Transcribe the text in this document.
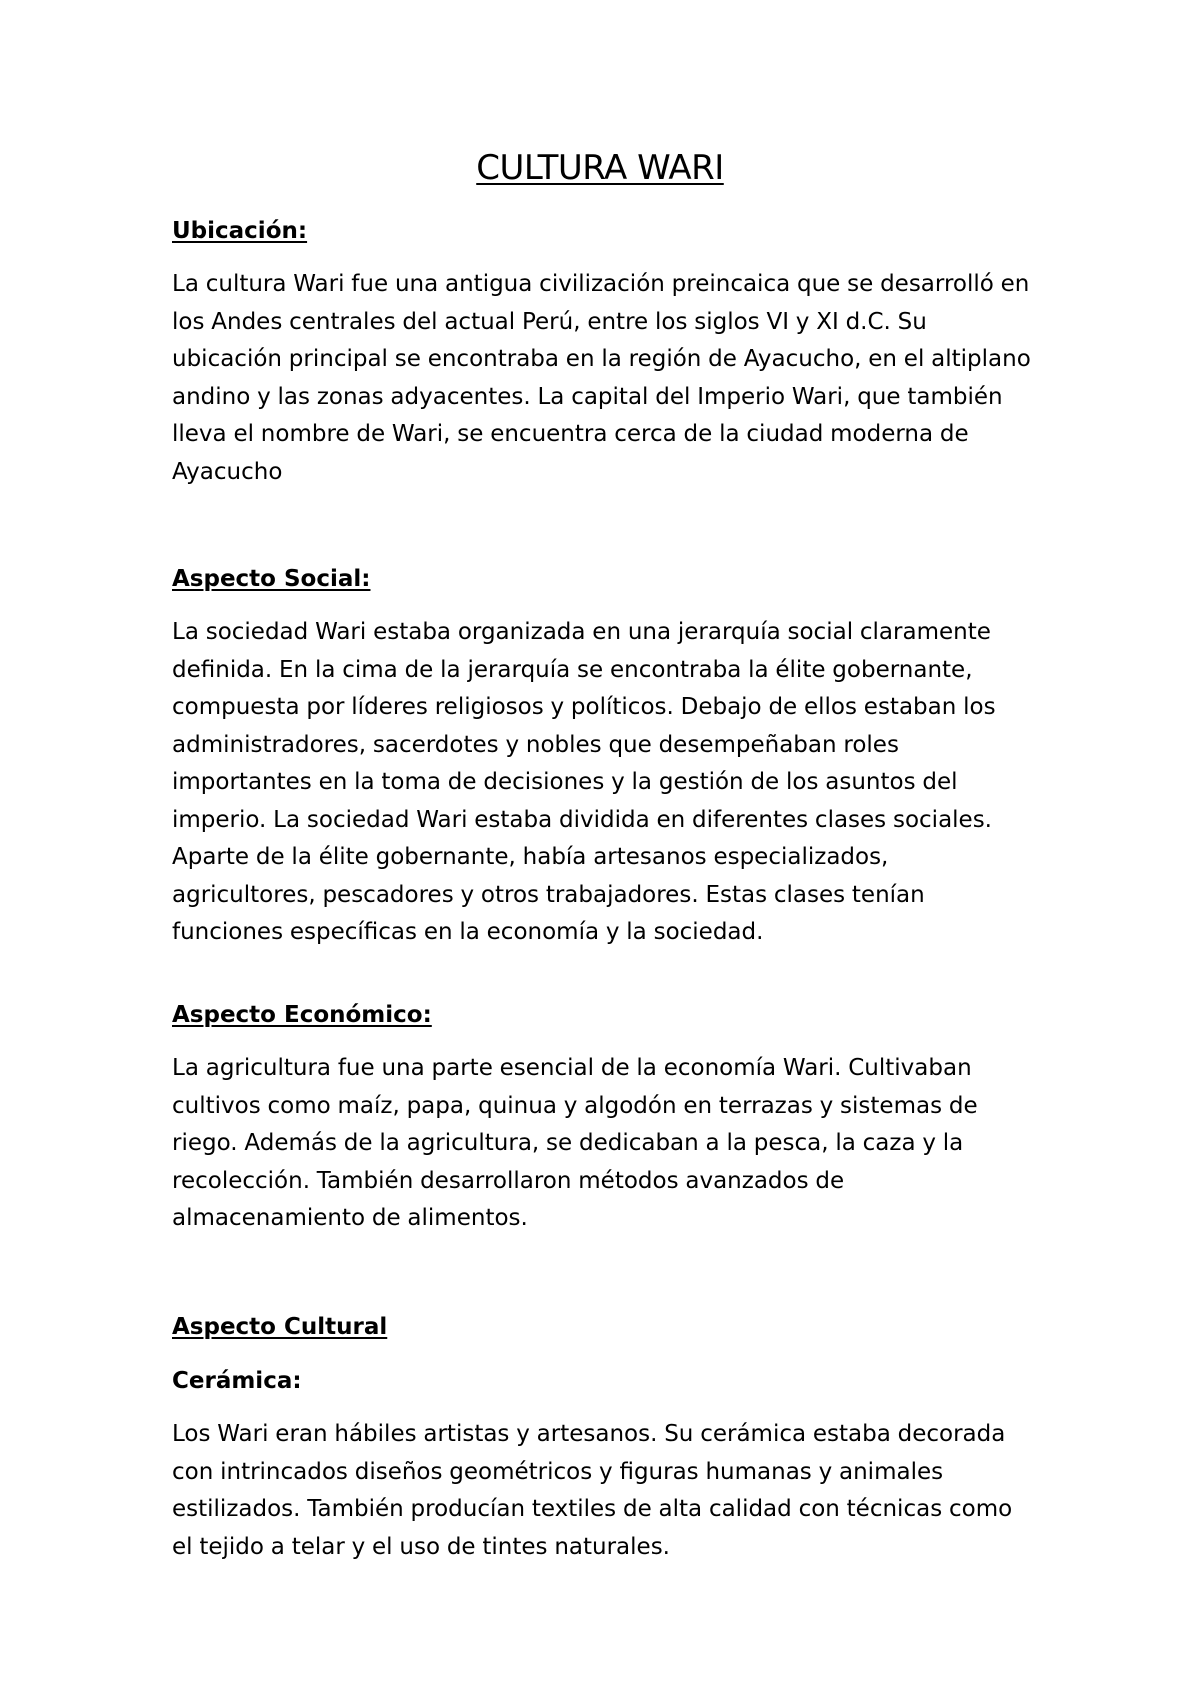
CULTURA WARI
Ubicación:
La cultura Wari fue una antigua civilización preincaica que se desarrolló en
los Andes centrales del actual Perú, entre los siglos VI y XI d.C. Su
ubicación principal se encontraba en la región de Ayacucho, en el altiplano
andino y las zonas adyacentes. La capital del Imperio Wari, que también
lleva el nombre de Wari, se encuentra cerca de la ciudad moderna de
Ayacucho
Aspecto Social:
La sociedad Wari estaba organizada en una jerarquía social claramente
definida. En la cima de la jerarquía se encontraba la élite gobernante,
compuesta por líderes religiosos y políticos. Debajo de ellos estaban los
administradores, sacerdotes y nobles que desempeñaban roles
importantes en la toma de decisiones y la gestión de los asuntos del
imperio. La sociedad Wari estaba dividida en diferentes clases sociales.
Aparte de la élite gobernante, había artesanos especializados,
agricultores, pescadores y otros trabajadores. Estas clases tenían
funciones específicas en la economía y la sociedad.
Aspecto Económico:
La agricultura fue una parte esencial de la economía Wari. Cultivaban
cultivos como maíz, papa, quinua y algodón en terrazas y sistemas de
riego. Además de la agricultura, se dedicaban a la pesca, la caza y la
recolección. También desarrollaron métodos avanzados de
almacenamiento de alimentos.
Aspecto Cultural
Cerámica:
Los Wari eran hábiles artistas y artesanos. Su cerámica estaba decorada
con intrincados diseños geométricos y figuras humanas y animales
estilizados. También producían textiles de alta calidad con técnicas como
el tejido a telar y el uso de tintes naturales.
